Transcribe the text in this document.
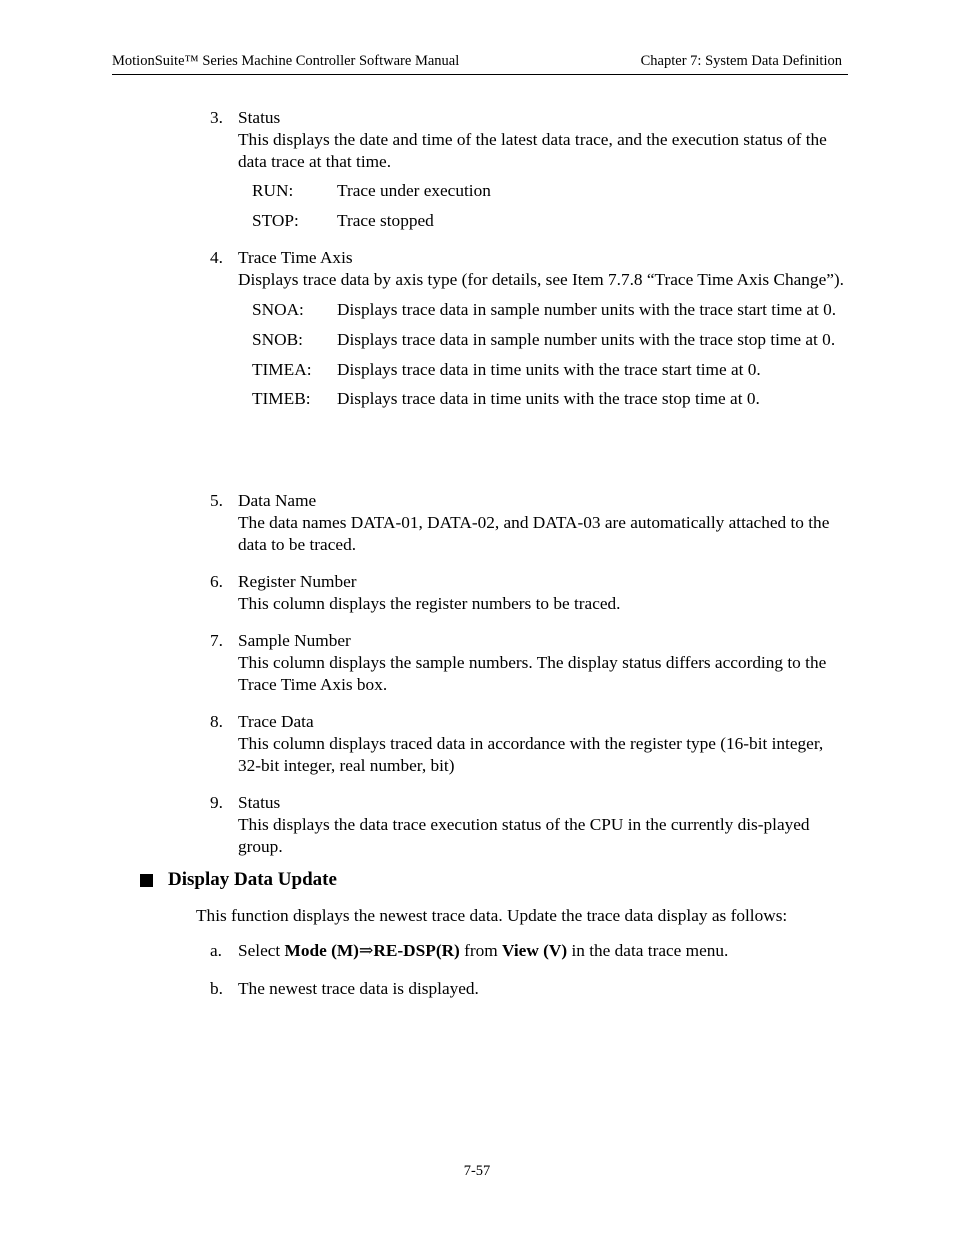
MotionSuite™ Series Machine Controller Software Manual	Chapter 7: System Data Definition
3. Status
This displays the date and time of the latest data trace, and the execution status of the data trace at that time.
RUN:	Trace under execution
STOP: Trace stopped
4. Trace Time Axis
Displays trace data by axis type (for details, see Item 7.7.8 “Trace Time Axis Change”).
SNOA: Displays trace data in sample number units with the trace start time at 0.
SNOB: Displays trace data in sample number units with the trace stop time at 0.
TIMEA: Displays trace data in time units with the trace start time at 0.
TIMEB: Displays trace data in time units with the trace stop time at 0.
5. Data Name
The data names DATA-01, DATA-02, and DATA-03 are automatically attached to the data to be traced.
6. Register Number
This column displays the register numbers to be traced.
7. Sample Number
This column displays the sample numbers. The display status differs according to the Trace Time Axis box.
8. Trace Data
This column displays traced data in accordance with the register type (16-bit integer, 32-bit integer, real number, bit)
9. Status
This displays the data trace execution status of the CPU in the currently dis-played group.
Display Data Update
This function displays the newest trace data. Update the trace data display as follows:
a. Select Mode (M)⇒RE-DSP(R) from View (V) in the data trace menu.
b. The newest trace data is displayed.
7-57
